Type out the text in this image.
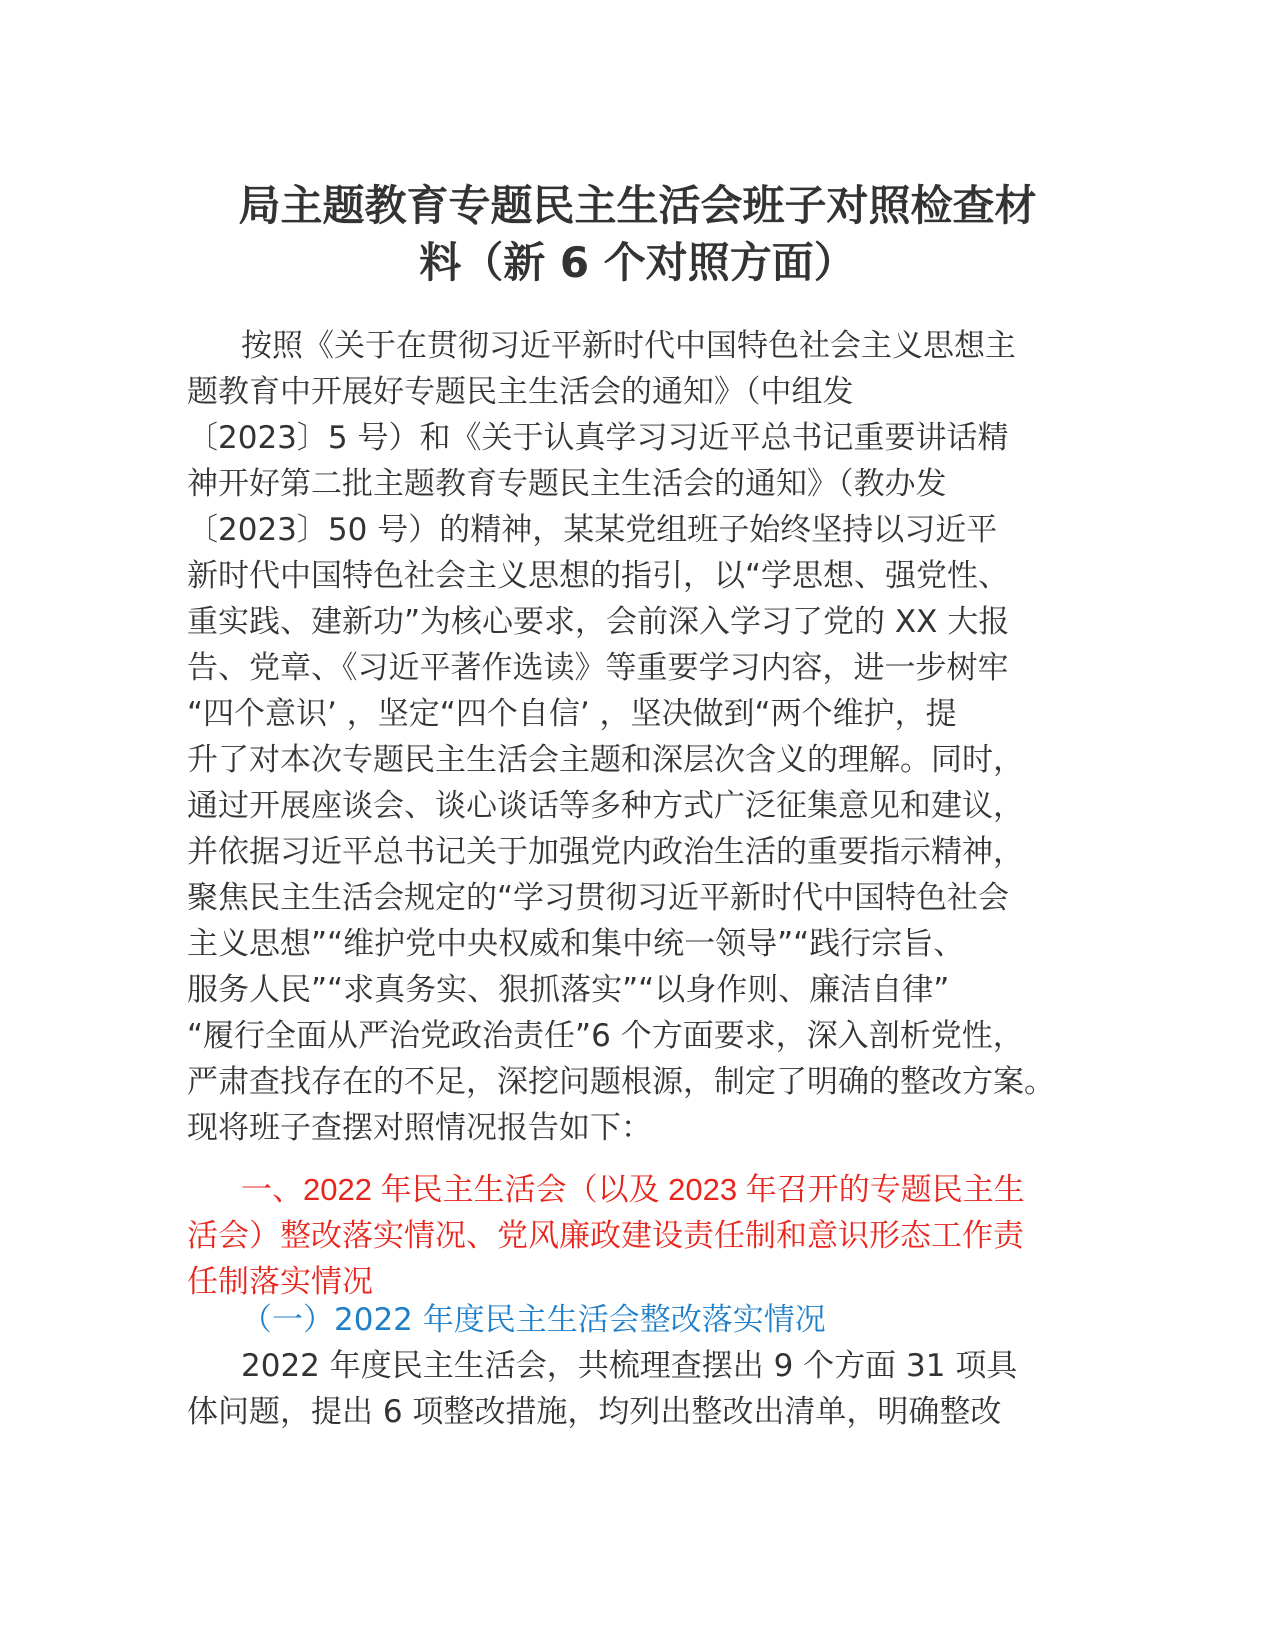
局主题教育专题民主生活会班子对照检查材
料（新 6 个对照方面）
按照《关于在贯彻习近平新时代中国特色社会主义思想主
题教育中开展好专题民主生活会的通知》（中组发
〔2023〕5 号）和《关于认真学习习近平总书记重要讲话精
神开好第二批主题教育专题民主生活会的通知》（教办发
〔2023〕50 号）的精神，某某党组班子始终坚持以习近平
新时代中国特色社会主义思想的指引，以“学思想、强党性、
重实践、建新功”为核心要求，会前深入学习了党的 XX 大报
告、党章、《习近平著作选读》等重要学习内容，进一步树牢
“四个意识’ ，坚定“四个自信’ ，坚决做到“两个维护，提
升了对本次专题民主生活会主题和深层次含义的理解。同时，
通过开展座谈会、谈心谈话等多种方式广泛征集意见和建议，
并依据习近平总书记关于加强党内政治生活的重要指示精神，
聚焦民主生活会规定的“学习贯彻习近平新时代中国特色社会
主义思想”“维护党中央权威和集中统一领导”“践行宗旨、
服务人民”“求真务实、狠抓落实”“以身作则、廉洁自律”
“履行全面从严治党政治责任”6 个方面要求，深入剖析党性，
严肃查找存在的不足，深挖问题根源，制定了明确的整改方案。
现将班子查摆对照情况报告如下：
一、2022 年民主生活会（以及 2023 年召开的专题民主生
活会）整改落实情况、党风廉政建设责任制和意识形态工作责
任制落实情况
（一）2022 年度民主生活会整改落实情况
2022 年度民主生活会，共梳理查摆出 9 个方面 31 项具
体问题，提出 6 项整改措施，均列出整改出清单，明确整改
